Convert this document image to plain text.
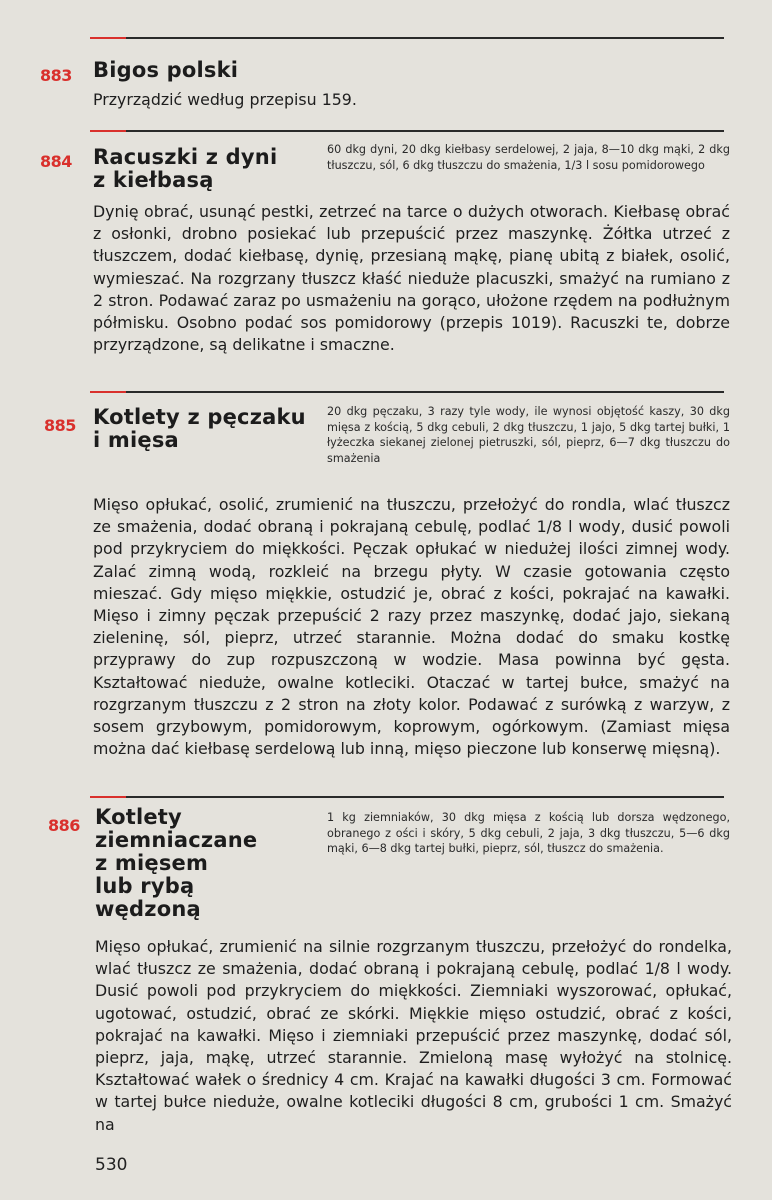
883 Bigos polski
Przyrządzić według przepisu 159.
884 Racuszki z dyni
z kiełbasą
60 dkg dyni, 20 dkg kiełbasy serdelowej, 2 jaja, 8—10 dkg mąki, 2 dkg tłuszczu, sól, 6 dkg tłuszczu do smażenia, 1/3 l sosu pomidorowego
Dynię obrać, usunąć pestki, zetrzeć na tarce o dużych otworach. Kiełbasę obrać z osłonki, drobno posiekać lub przepuścić przez maszynkę. Żółtka utrzeć z tłuszczem, dodać kiełbasę, dynię, przesianą mąkę, pianę ubitą z białek, osolić, wymieszać. Na rozgrzany tłuszcz kłaść nieduże placuszki, smażyć na rumiano z 2 stron. Podawać zaraz po usmażeniu na gorąco, ułożone rzędem na podłużnym półmisku. Osobno podać sos pomidorowy (przepis 1019). Racuszki te, dobrze przyrządzone, są delikatne i smaczne.
885 Kotlety z pęczaku
i mięsa
20 dkg pęczaku, 3 razy tyle wody, ile wynosi objętość kaszy, 30 dkg mięsa z kością, 5 dkg cebuli, 2 dkg tłuszczu, 1 jajo, 5 dkg tartej bułki, 1 łyżeczka siekanej zielonej pietruszki, sól, pieprz, 6—7 dkg tłuszczu do smażenia
Mięso opłukać, osolić, zrumienić na tłuszczu, przełożyć do rondla, wlać tłuszcz ze smażenia, dodać obraną i pokrajaną cebulę, podlać 1/8 l wody, dusić powoli pod przykryciem do miękkości. Pęczak opłukać w niedużej ilości zimnej wody. Zalać zimną wodą, rozkleić na brzegu płyty. W czasie gotowania często mieszać. Gdy mięso miękkie, ostudzić je, obrać z kości, pokrajać na kawałki. Mięso i zimny pęczak przepuścić 2 razy przez maszynkę, dodać jajo, siekaną zieleninę, sól, pieprz, utrzeć starannie. Można dodać do smaku kostkę przyprawy do zup rozpuszczoną w wodzie. Masa powinna być gęsta. Kształtować nieduże, owalne kotleciki. Otaczać w tartej bułce, smażyć na rozgrzanym tłuszczu z 2 stron na złoty kolor. Podawać z surówką z warzyw, z sosem grzybowym, pomidorowym, koprowym, ogórkowym. (Zamiast mięsa można dać kiełbasę serdelową lub inną, mięso pieczone lub konserwę mięsną).
886 Kotlety
ziemniaczane
z mięsem
lub rybą
wędzoną
1 kg ziemniaków, 30 dkg mięsa z kością lub dorsza wędzonego, obranego z ości i skóry, 5 dkg cebuli, 2 jaja, 3 dkg tłuszczu, 5—6 dkg mąki, 6—8 dkg tartej bułki, pieprz, sól, tłuszcz do smażenia.
Mięso opłukać, zrumienić na silnie rozgrzanym tłuszczu, przełożyć do rondelka, wlać tłuszcz ze smażenia, dodać obraną i pokrajaną cebulę, podlać 1/8 l wody. Dusić powoli pod przykryciem do miękkości. Ziemniaki wyszorować, opłukać, ugotować, ostudzić, obrać ze skórki. Miękkie mięso ostudzić, obrać z kości, pokrajać na kawałki. Mięso i ziemniaki przepuścić przez maszynkę, dodać sól, pieprz, jaja, mąkę, utrzeć starannie. Zmieloną masę wyłożyć na stolnicę. Kształtować wałek o średnicy 4 cm. Krajać na kawałki długości 3 cm. Formować w tartej bułce nieduże, owalne kotleciki długości 8 cm, grubości 1 cm. Smażyć na
530
